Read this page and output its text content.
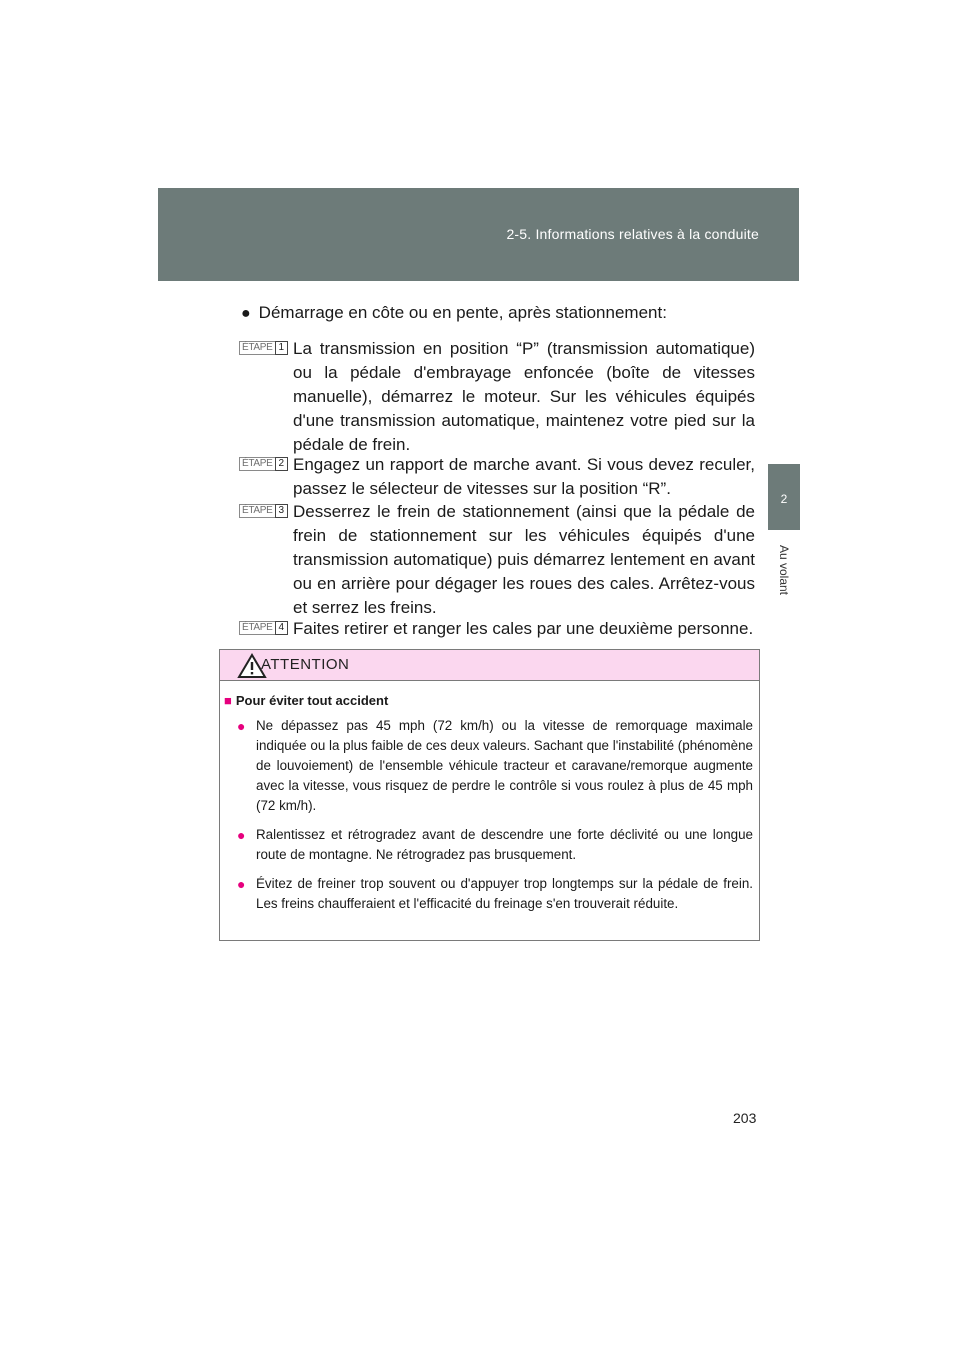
2-5. Informations relatives à la conduite
2
Au volant
● Démarrage en côte ou en pente, après stationnement:
ÉTAPE 1 La transmission en position “P” (transmission automatique) ou la pédale d'embrayage enfoncée (boîte de vitesses manuelle), démarrez le moteur. Sur les véhicules équipés d'une transmission automatique, maintenez votre pied sur la pédale de frein.
ÉTAPE 2 Engagez un rapport de marche avant. Si vous devez reculer, passez le sélecteur de vitesses sur la position “R”.
ÉTAPE 3 Desserrez le frein de stationnement (ainsi que la pédale de frein de stationnement sur les véhicules équipés d'une transmission automatique) puis démarrez lentement en avant ou en arrière pour dégager les roues des cales. Arrêtez-vous et serrez les freins.
ÉTAPE 4 Faites retirer et ranger les cales par une deuxième personne.
ATTENTION
■ Pour éviter tout accident
● Ne dépassez pas 45 mph (72 km/h) ou la vitesse de remorquage maximale indiquée ou la plus faible de ces deux valeurs. Sachant que l'instabilité (phénomène de louvoiement) de l'ensemble véhicule tracteur et caravane/remorque augmente avec la vitesse, vous risquez de perdre le contrôle si vous roulez à plus de 45 mph (72 km/h).
● Ralentissez et rétrogradez avant de descendre une forte déclivité ou une longue route de montagne. Ne rétrogradez pas brusquement.
● Évitez de freiner trop souvent ou d'appuyer trop longtemps sur la pédale de frein. Les freins chaufferaient et l'efficacité du freinage s'en trouverait réduite.
203
